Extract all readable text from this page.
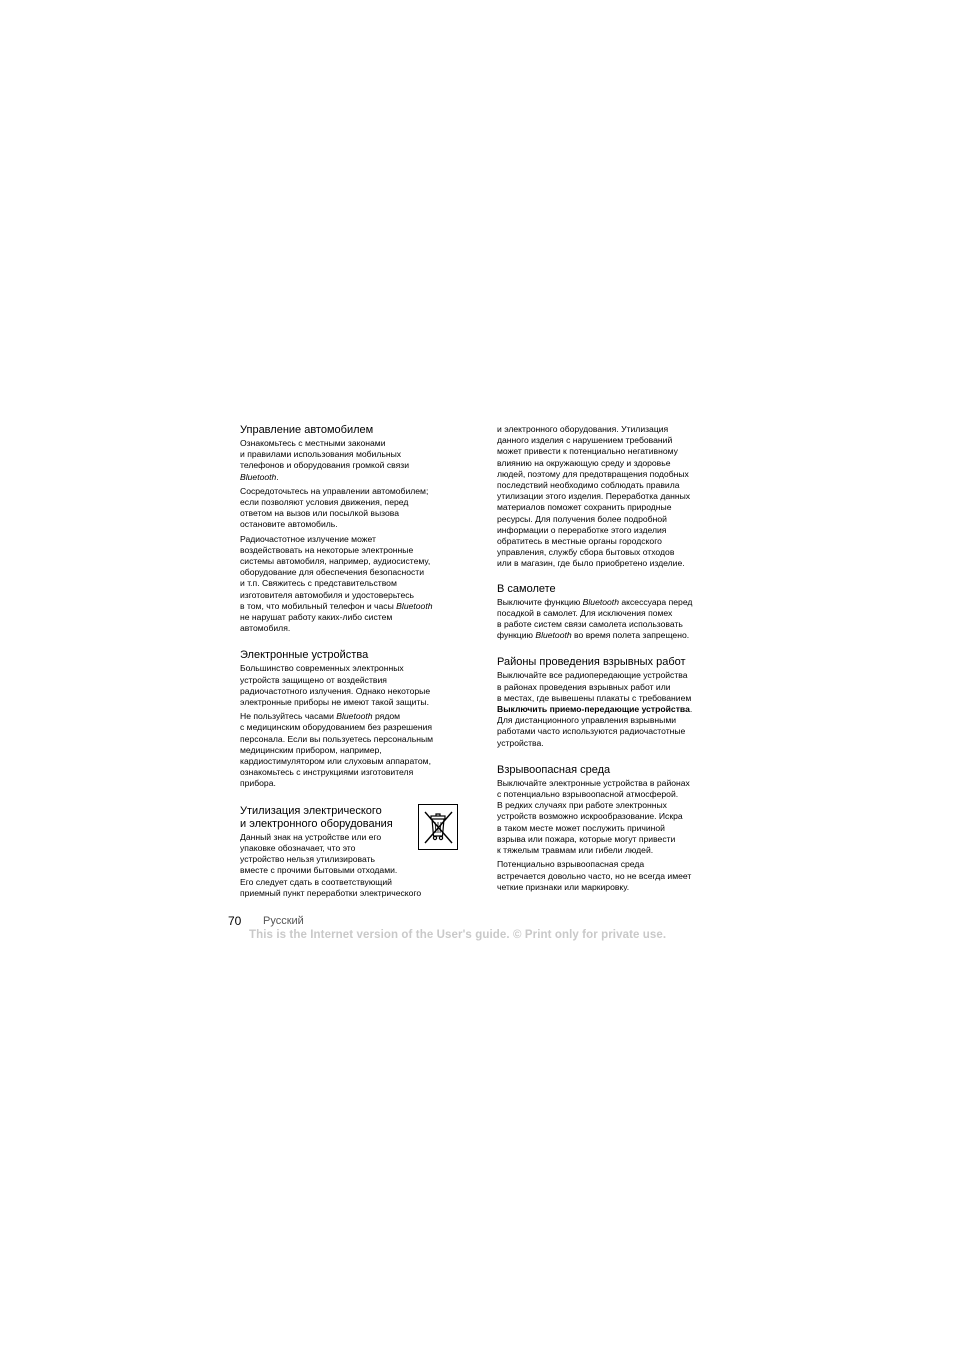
Управление автомобилем
Ознакомьтесь с местными законами
и правилами использования мобильных
телефонов и оборудования громкой связи
Bluetooth.
Сосредоточьтесь на управлении автомобилем;
если позволяют условия движения, перед
ответом на вызов или посылкой вызова
остановите автомобиль.
Радиочастотное излучение может
воздействовать на некоторые электронные
системы автомобиля, например, аудиосистему,
оборудование для обеспечения безопасности
и т.п. Свяжитесь с представительством
изготовителя автомобиля и удостоверьтесь
в том, что мобильный телефон и часы Bluetooth
не нарушат работу каких-либо систем
автомобиля.
Электронные устройства
Большинство современных электронных
устройств защищено от воздействия
радиочастотного излучения. Однако некоторые
электронные приборы не имеют такой защиты.
Не пользуйтесь часами Bluetooth рядом
с медицинским оборудованием без разрешения
персонала. Если вы пользуетесь персональным
медицинским прибором, например,
кардиостимулятором или слуховым аппаратом,
ознакомьтесь с инструкциями изготовителя
прибора.
Утилизация электрического
и электронного оборудования
Данный знак на устройстве или его
упаковке обозначает, что это
устройство нельзя утилизировать
вместе с прочими бытовыми отходами.
Его следует сдать в соответствующий
приемный пункт переработки электрического
и электронного оборудования. Утилизация
данного изделия с нарушением требований
может привести к потенциально негативному
влиянию на окружающую среду и здоровье
людей, поэтому для предотвращения подобных
последствий необходимо соблюдать правила
утилизации этого изделия. Переработка данных
материалов поможет сохранить природные
ресурсы. Для получения более подробной
информации о переработке этого изделия
обратитесь в местные органы городского
управления, службу сбора бытовых отходов
или в магазин, где было приобретено изделие.
В самолете
Выключите функцию Bluetooth аксессуара перед
посадкой в самолет. Для исключения помех
в работе систем связи самолета использовать
функцию Bluetooth во время полета запрещено.
Районы проведения взрывных работ
Выключайте все радиопередающие устройства
в районах проведения взрывных работ или
в местах, где вывешены плакаты с требованием
Выключить приемо-передающие устройства.
Для дистанционного управления взрывными
работами часто используются радиочастотные
устройства.
Взрывоопасная среда
Выключайте электронные устройства в районах
с потенциально взрывоопасной атмосферой.
В редких случаях при работе электронных
устройств возможно искрообразование. Искра
в таком месте может послужить причиной
взрыва или пожара, которые могут привести
к тяжелым травмам или гибели людей.
Потенциально взрывоопасная среда
встречается довольно часто, но не всегда имеет
четкие признаки или маркировку.
70 Русский
This is the Internet version of the User's guide. © Print only for private use.
